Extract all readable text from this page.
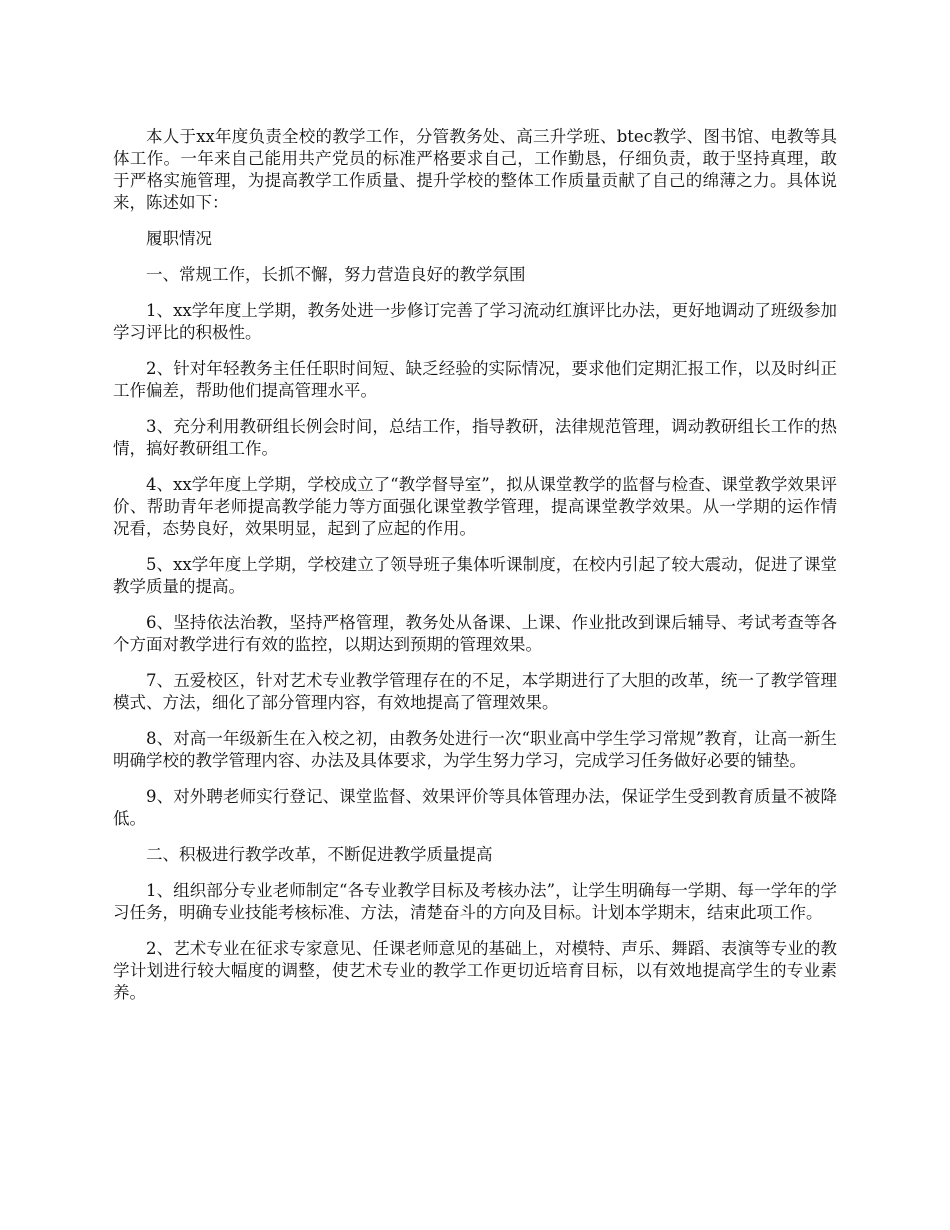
本人于xx年度负责全校的教学工作，分管教务处、高三升学班、btec教学、图书馆、电教等具体工作。一年来自己能用共产党员的标准严格要求自己，工作勤恳，仔细负责，敢于坚持真理，敢于严格实施管理，为提高教学工作质量、提升学校的整体工作质量贡献了自己的绵薄之力。具体说来，陈述如下：

履职情况

一、常规工作，长抓不懈，努力营造良好的教学氛围

1、xx学年度上学期，教务处进一步修订完善了学习流动红旗评比办法，更好地调动了班级参加学习评比的积极性。

2、针对年轻教务主任任职时间短、缺乏经验的实际情况，要求他们定期汇报工作，以及时纠正工作偏差，帮助他们提高管理水平。

3、充分利用教研组长例会时间，总结工作，指导教研，法律规范管理，调动教研组长工作的热情，搞好教研组工作。

4、xx学年度上学期，学校成立了“教学督导室”，拟从课堂教学的监督与检查、课堂教学效果评价、帮助青年老师提高教学能力等方面强化课堂教学管理，提高课堂教学效果。从一学期的运作情况看，态势良好，效果明显，起到了应起的作用。

5、xx学年度上学期，学校建立了领导班子集体听课制度，在校内引起了较大震动，促进了课堂教学质量的提高。

6、坚持依法治教，坚持严格管理，教务处从备课、上课、作业批改到课后辅导、考试考查等各个方面对教学进行有效的监控，以期达到预期的管理效果。

7、五爱校区，针对艺术专业教学管理存在的不足，本学期进行了大胆的改革，统一了教学管理模式、方法，细化了部分管理内容，有效地提高了管理效果。

8、对高一年级新生在入校之初，由教务处进行一次“职业高中学生学习常规”教育，让高一新生明确学校的教学管理内容、办法及具体要求，为学生努力学习，完成学习任务做好必要的铺垫。

9、对外聘老师实行登记、课堂监督、效果评价等具体管理办法，保证学生受到教育质量不被降低。

二、积极进行教学改革，不断促进教学质量提高

1、组织部分专业老师制定“各专业教学目标及考核办法”，让学生明确每一学期、每一学年的学习任务，明确专业技能考核标准、方法，清楚奋斗的方向及目标。计划本学期末，结束此项工作。

2、艺术专业在征求专家意见、任课老师意见的基础上，对模特、声乐、舞蹈、表演等专业的教学计划进行较大幅度的调整，使艺术专业的教学工作更切近培育目标，以有效地提高学生的专业素养。
